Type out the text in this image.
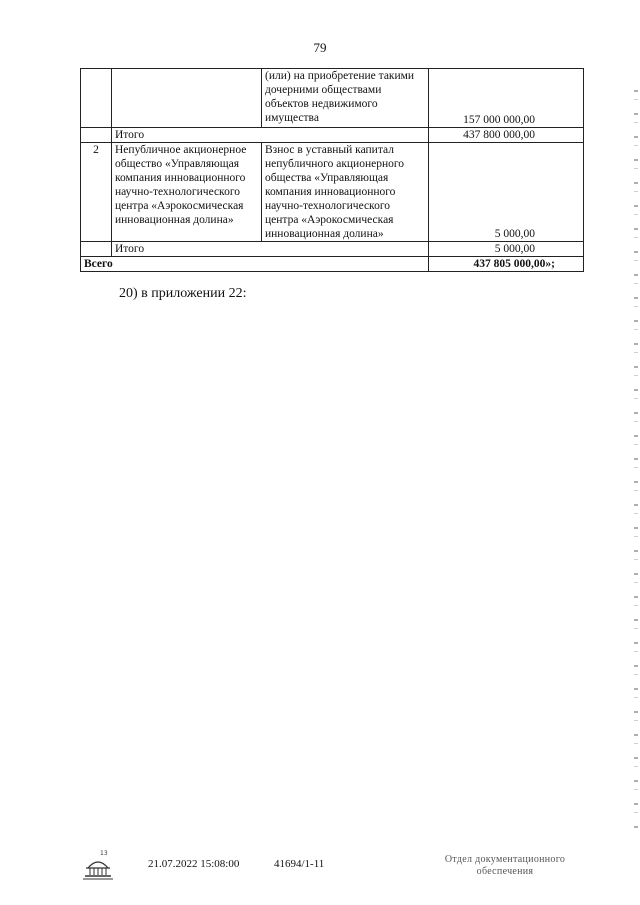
79
		(или) на приобретение такими дочерними обществами объектов недвижимого имущества	157 000 000,00
	Итого		437 800 000,00
2	Непубличное акционерное общество «Управляющая компания инновационного научно-технологического центра «Аэрокосмическая инновационная долина»	Взнос в уставный капитал непубличного акционерного общества «Управляющая компания инновационного научно-технологического центра «Аэрокосмическая инновационная долина»	5 000,00
	Итого		5 000,00
Всего			437 805 000,00»;
20) в приложении 22:
13
21.07.2022 15:08:00	41694/1-11	Отдел документационного
обеспечения
